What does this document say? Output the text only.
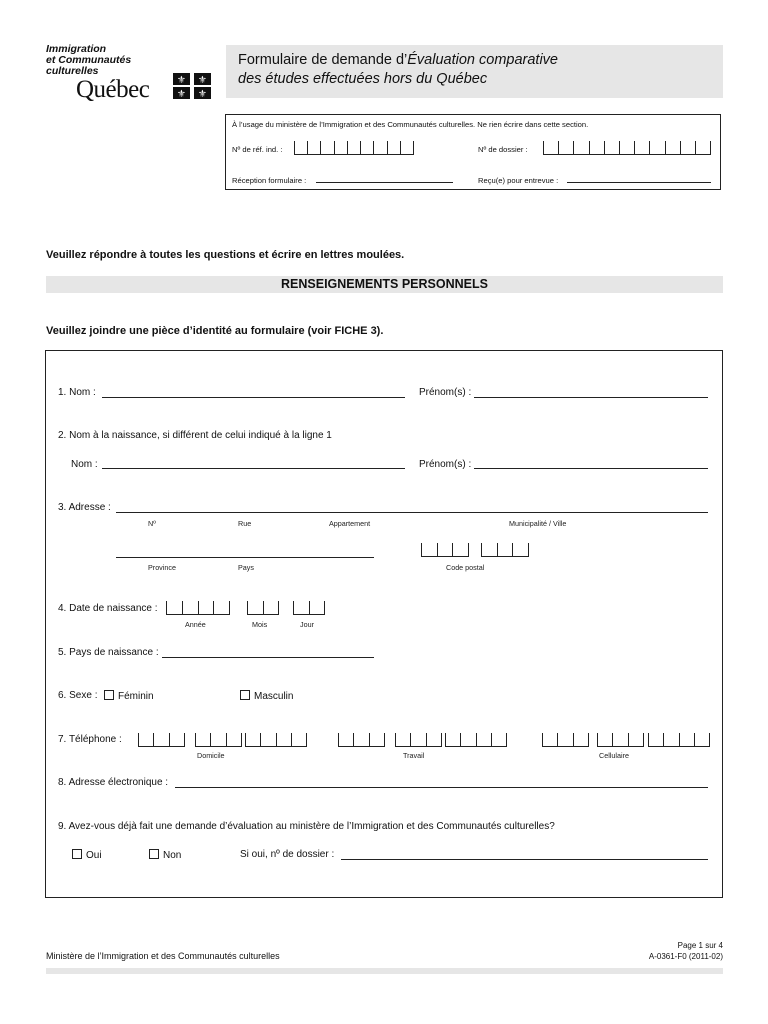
Immigration
et Communautés
culturelles
Québec	⚜ ⚜
⚜ ⚜
Formulaire de demande d’Évaluation comparative
des études effectuées hors du Québec
À l’usage du ministère de l’Immigration et des Communautés culturelles. Ne rien écrire dans cette section.
Nº de réf. ind. :	Nº de dossier :
Réception formulaire :	Reçu(e) pour entrevue :
Veuillez répondre à toutes les questions et écrire en lettres moulées.
RENSEIGNEMENTS PERSONNELS
Veuillez joindre une pièce d’identité au formulaire (voir FICHE 3).
1. Nom :	Prénom(s) :
2. Nom à la naissance, si différent de celui indiqué à la ligne 1
Nom :	Prénom(s) :
3. Adresse :
Nº	Rue	Appartement	Municipalité / Ville
Province	Pays	Code postal
4. Date de naissance :
Année	Mois	Jour
5. Pays de naissance :
6. Sexe :	Féminin	Masculin
7. Téléphone :
Domicile	Travail	Cellulaire
8. Adresse électronique :
9. Avez-vous déjà fait une demande d’évaluation au ministère de l’Immigration et des Communautés culturelles?
Oui	Non	Si oui, nº de dossier :
Ministère de l’Immigration et des Communautés culturelles
Page 1 sur 4
A-0361-F0 (2011-02)
